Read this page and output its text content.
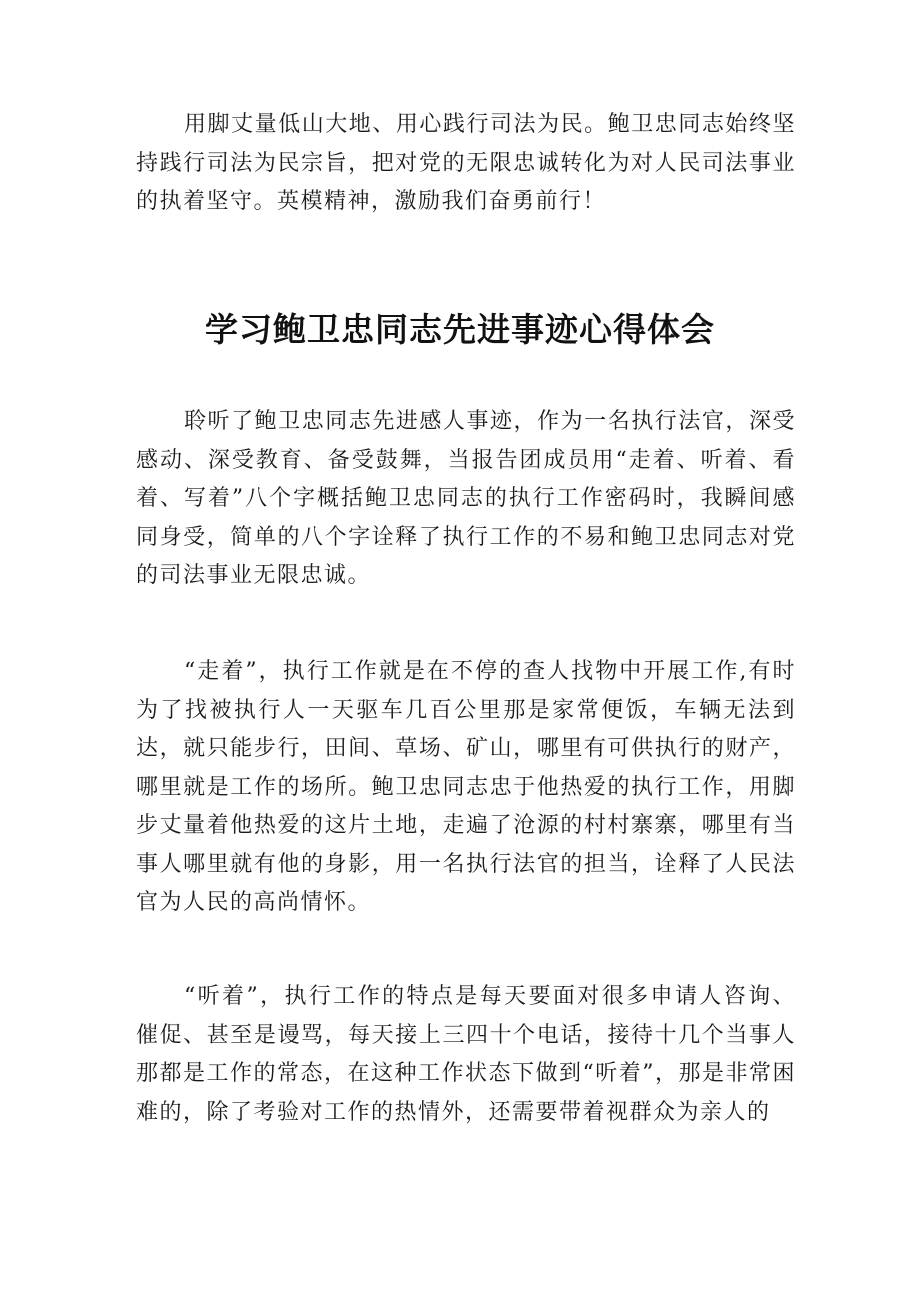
用脚丈量低山大地、用心践行司法为民。鲍卫忠同志始终坚持践行司法为民宗旨，把对党的无限忠诚转化为对人民司法事业的执着坚守。英模精神，激励我们奋勇前行！

学习鲍卫忠同志先进事迹心得体会

聆听了鲍卫忠同志先进感人事迹，作为一名执行法官，深受感动、深受教育、备受鼓舞，当报告团成员用“走着、听着、看着、写着”八个字概括鲍卫忠同志的执行工作密码时，我瞬间感同身受，简单的八个字诠释了执行工作的不易和鲍卫忠同志对党的司法事业无限忠诚。

“走着”，执行工作就是在不停的查人找物中开展工作,有时为了找被执行人一天驱车几百公里那是家常便饭，车辆无法到达，就只能步行，田间、草场、矿山，哪里有可供执行的财产，哪里就是工作的场所。鲍卫忠同志忠于他热爱的执行工作，用脚步丈量着他热爱的这片土地，走遍了沧源的村村寨寨，哪里有当事人哪里就有他的身影，用一名执行法官的担当，诠释了人民法官为人民的高尚情怀。

“听着”，执行工作的特点是每天要面对很多申请人咨询、催促、甚至是谩骂，每天接上三四十个电话，接待十几个当事人那都是工作的常态，在这种工作状态下做到“听着”，那是非常困难的，除了考验对工作的热情外，还需要带着视群众为亲人的
